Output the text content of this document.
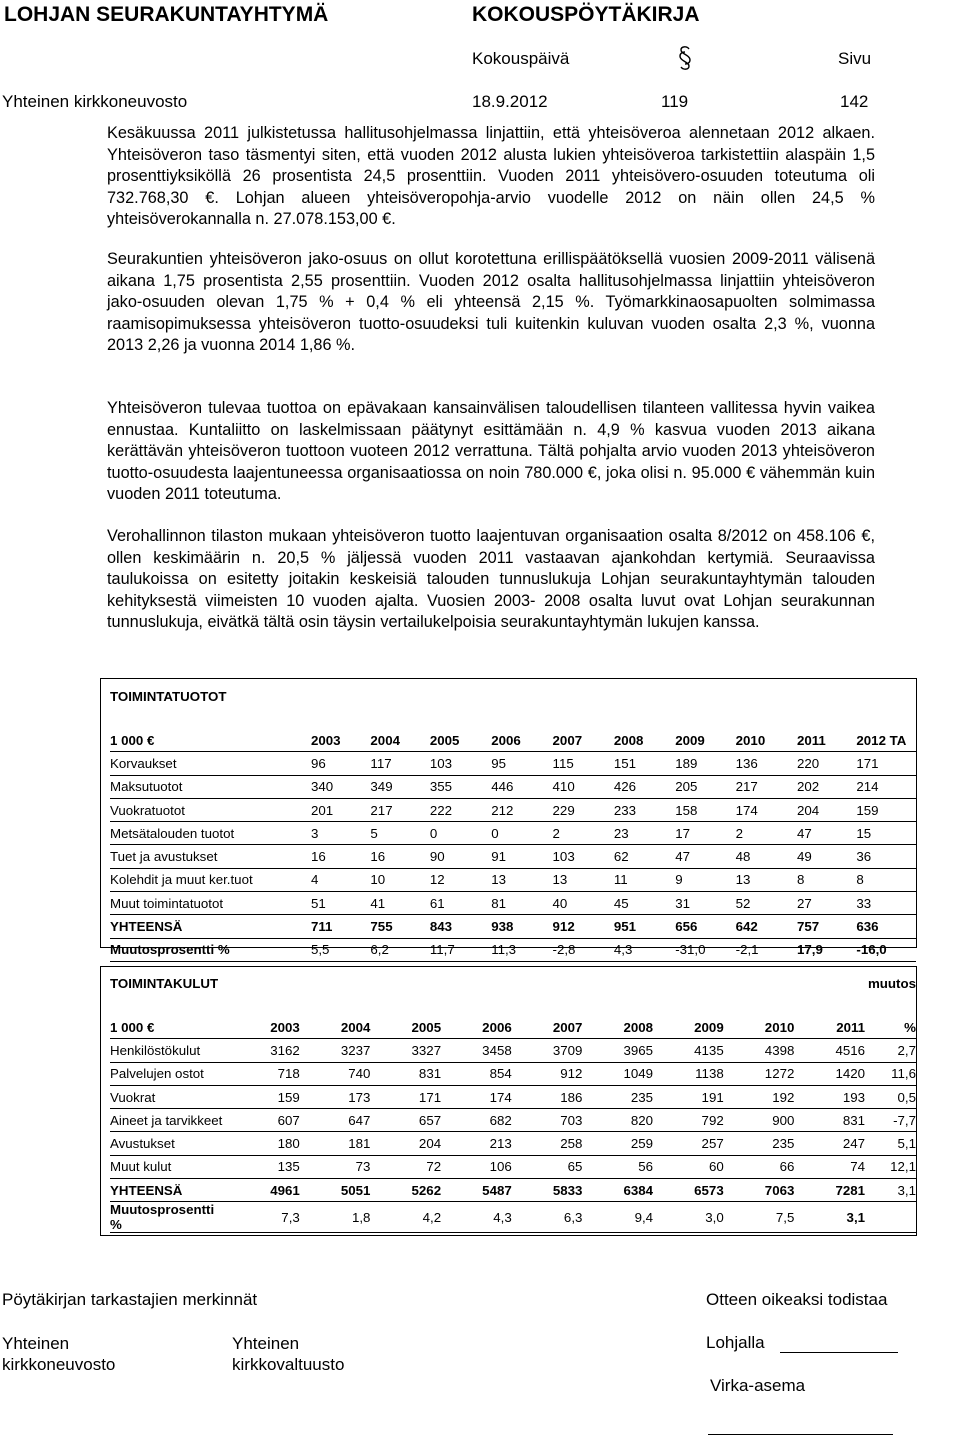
LOHJAN SEURAKUNTAYHTYMÄ	KOKOUSPÖYTÄKIRJA
Kokouspäivä	Sivu
Yhteinen kirkkoneuvosto	18.9.2012	119	142

Kesäkuussa 2011 julkistetussa hallitusohjelmassa linjattiin, että yhteisöveroa alennetaan 2012 alkaen. Yhteisöveron taso täsmentyi siten, että vuoden 2012 alusta lukien yhteisöveroa tarkistettiin alaspäin 1,5 prosenttiyksiköllä 26 prosentista 24,5 prosenttiin. Vuoden 2011 yhteisövero-osuuden toteutuma oli 732.768,30 €. Lohjan alueen yhteisöveropohja-arvio vuodelle 2012 on näin ollen 24,5 % yhteisöverokannalla n. 27.078.153,00 €.

Seurakuntien yhteisöveron jako-osuus on ollut korotettuna erillispäätöksellä vuosien 2009-2011 välisenä aikana 1,75 prosentista 2,55 prosenttiin. Vuoden 2012 osalta hallitusohjelmassa linjattiin yhteisöveron jako-osuuden olevan 1,75 % + 0,4 % eli yhteensä 2,15 %. Työmarkkinaosapuolten solmimassa raamisopimuksessa yhteisöveron tuotto-osuudeksi tuli kuitenkin kuluvan vuoden osalta 2,3 %, vuonna 2013 2,26 ja vuonna 2014 1,86 %.

Yhteisöveron tulevaa tuottoa on epävakaan kansainvälisen taloudellisen tilanteen vallitessa hyvin vaikea ennustaa. Kuntaliitto on laskelmissaan päätynyt esittämään n. 4,9 % kasvua vuoden 2013 aikana kerättävän yhteisöveron tuottoon vuoteen 2012 verrattuna. Tältä pohjalta arvio vuoden 2013 yhteisöveron tuotto-osuudesta laajentuneessa organisaatiossa on noin 780.000 €, joka olisi n. 95.000 € vähemmän kuin vuoden 2011 toteutuma.

Verohallinnon tilaston mukaan yhteisöveron tuotto laajentuvan organisaation osalta 8/2012 on 458.106 €, ollen keskimäärin n. 20,5 % jäljessä vuoden 2011 vastaavan ajankohdan kertymiä. Seuraavissa taulukoissa on esitetty joitakin keskeisiä talouden tunnuslukuja Lohjan seurakuntayhtymän talouden kehityksestä viimeisten 10 vuoden ajalta. Vuosien 2003- 2008 osalta luvut ovat Lohjan seurakunnan tunnuslukuja, eivätkä tältä osin täysin vertailukelpoisia seurakuntayhtymän lukujen kanssa.

TOIMINTATUOTOT										
1 000 €	2003	2004	2005	2006	2007	2008	2009	2010	2011	2012 TA
Korvaukset	96	117	103	95	115	151	189	136	220	171
Maksutuotot	340	349	355	446	410	426	205	217	202	214
Vuokratuotot	201	217	222	212	229	233	158	174	204	159
Metsätalouden tuotot	3	5	0	0	2	23	17	2	47	15
Tuet ja avustukset	16	16	90	91	103	62	47	48	49	36
Kolehdit ja muut ker.tuot	4	10	12	13	13	11	9	13	8	8
Muut toimintatuotot	51	41	61	81	40	45	31	52	27	33
YHTEENSÄ	711	755	843	938	912	951	656	642	757	636
Muutosprosentti %	5,5	6,2	11,7	11,3	-2,8	4,3	-31,0	-2,1	17,9	-16,0
TOIMINTAKULUT										muutos
1 000 €	2003	2004	2005	2006	2007	2008	2009	2010	2011	%
Henkilöstökulut	3162	3237	3327	3458	3709	3965	4135	4398	4516	2,7
Palvelujen ostot	718	740	831	854	912	1049	1138	1272	1420	11,6
Vuokrat	159	173	171	174	186	235	191	192	193	0,5
Aineet ja tarvikkeet	607	647	657	682	703	820	792	900	831	-7,7
Avustukset	180	181	204	213	258	259	257	235	247	5,1
Muut kulut	135	73	72	106	65	56	60	66	74	12,1
YHTEENSÄ	4961	5051	5262	5487	5833	6384	6573	7063	7281	3,1
Muutosprosentti %	7,3	1,8	4,2	4,3	6,3	9,4	3,0	7,5	3,1	
Pöytäkirjan tarkastajien merkinnät	Otteen oikeaksi todistaa
Yhteinen kirkkoneuvosto
Yhteinen kirkkovaltuusto
Lohjalla
Virka-asema
